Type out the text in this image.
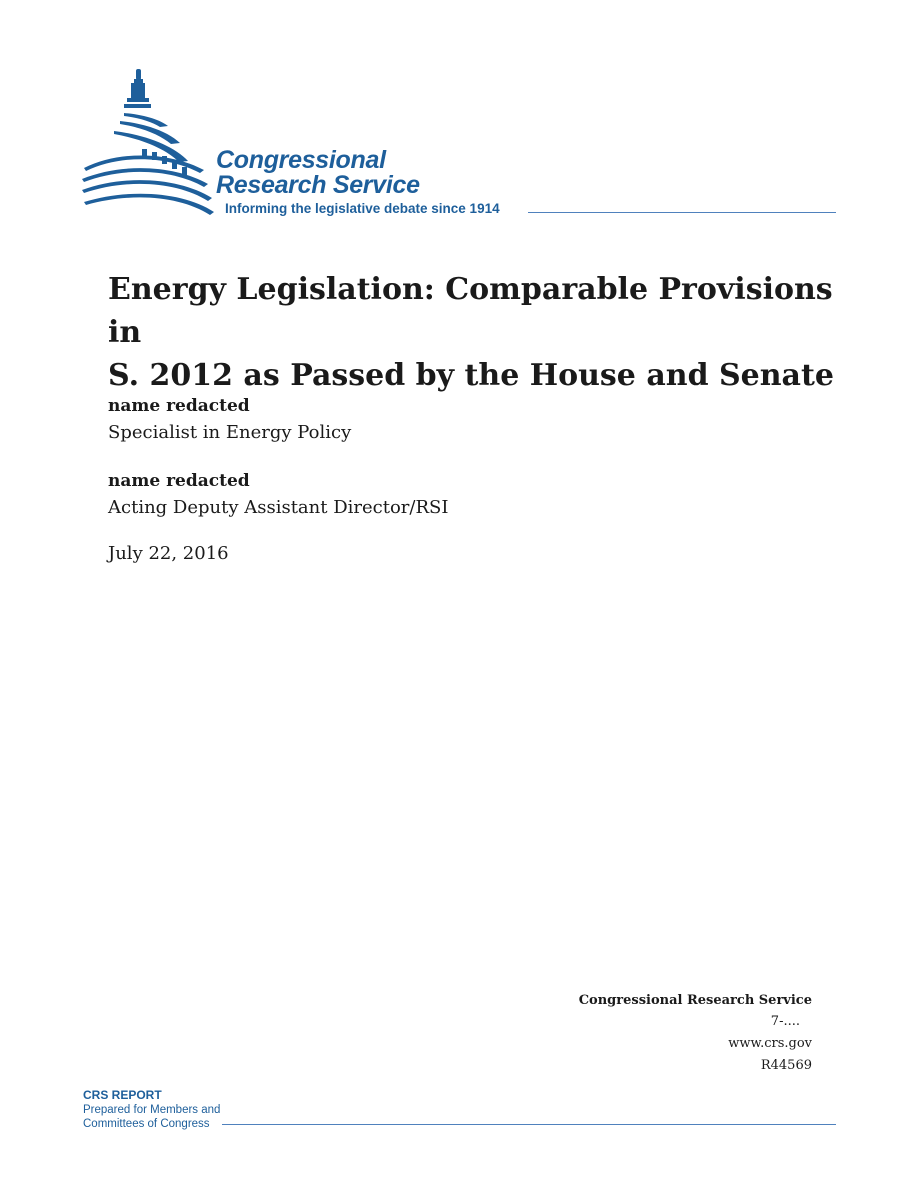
Congressional
Research Service
Informing the legislative debate since 1914
Energy Legislation: Comparable Provisions in
S. 2012 as Passed by the House and Senate
name redacted
Specialist in Energy Policy
name redacted
Acting Deputy Assistant Director/RSI
July 22, 2016
Congressional Research Service
7-....
www.crs.gov
R44569
CRS REPORT
Prepared for Members and
Committees of Congress
